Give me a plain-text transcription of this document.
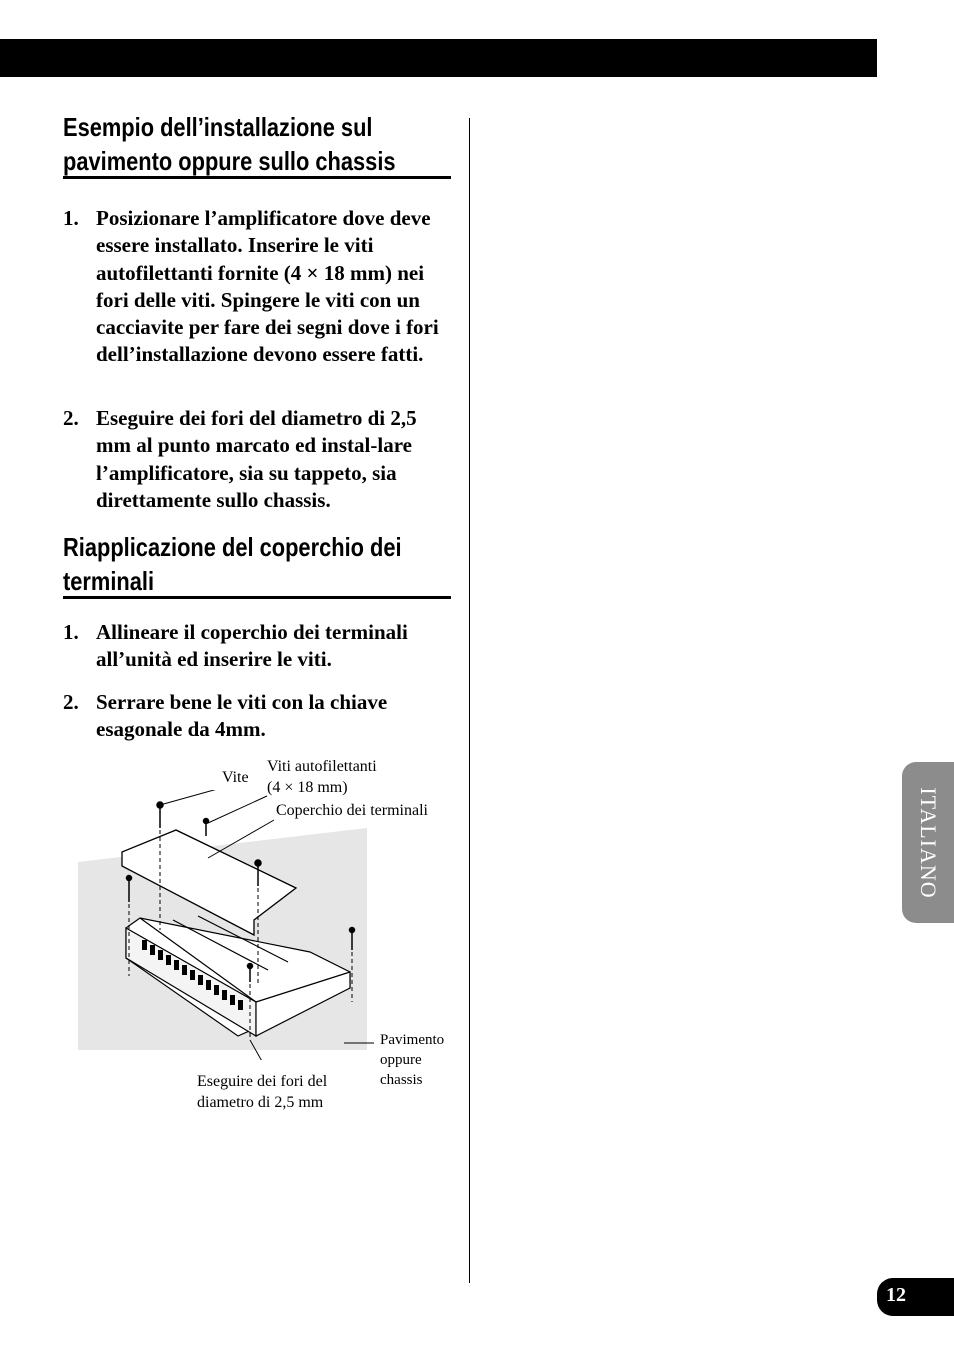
Esempio dell’installazione sul
pavimento oppure sullo chassis
1. Posizionare l’amplificatore dove deve essere installato. Inserire le viti autofilettanti fornite (4 × 18 mm) nei fori delle viti. Spingere le viti con un cacciavite per fare dei segni dove i fori dell’installazione devono essere fatti.
2. Eseguire dei fori del diametro di 2,5 mm al punto marcato ed instal-lare l’amplificatore, sia su tappeto, sia direttamente sullo chassis.
Riapplicazione del coperchio dei
terminali
1. Allineare il coperchio dei terminali all’unità ed inserire le viti.
2. Serrare bene le viti con la chiave esagonale da 4mm.
Vite
Viti autofilettanti
(4 × 18 mm)
Coperchio dei terminali
Pavimento
oppure
chassis
Eseguire dei fori del
diametro di 2,5 mm
ITALIANO
12
